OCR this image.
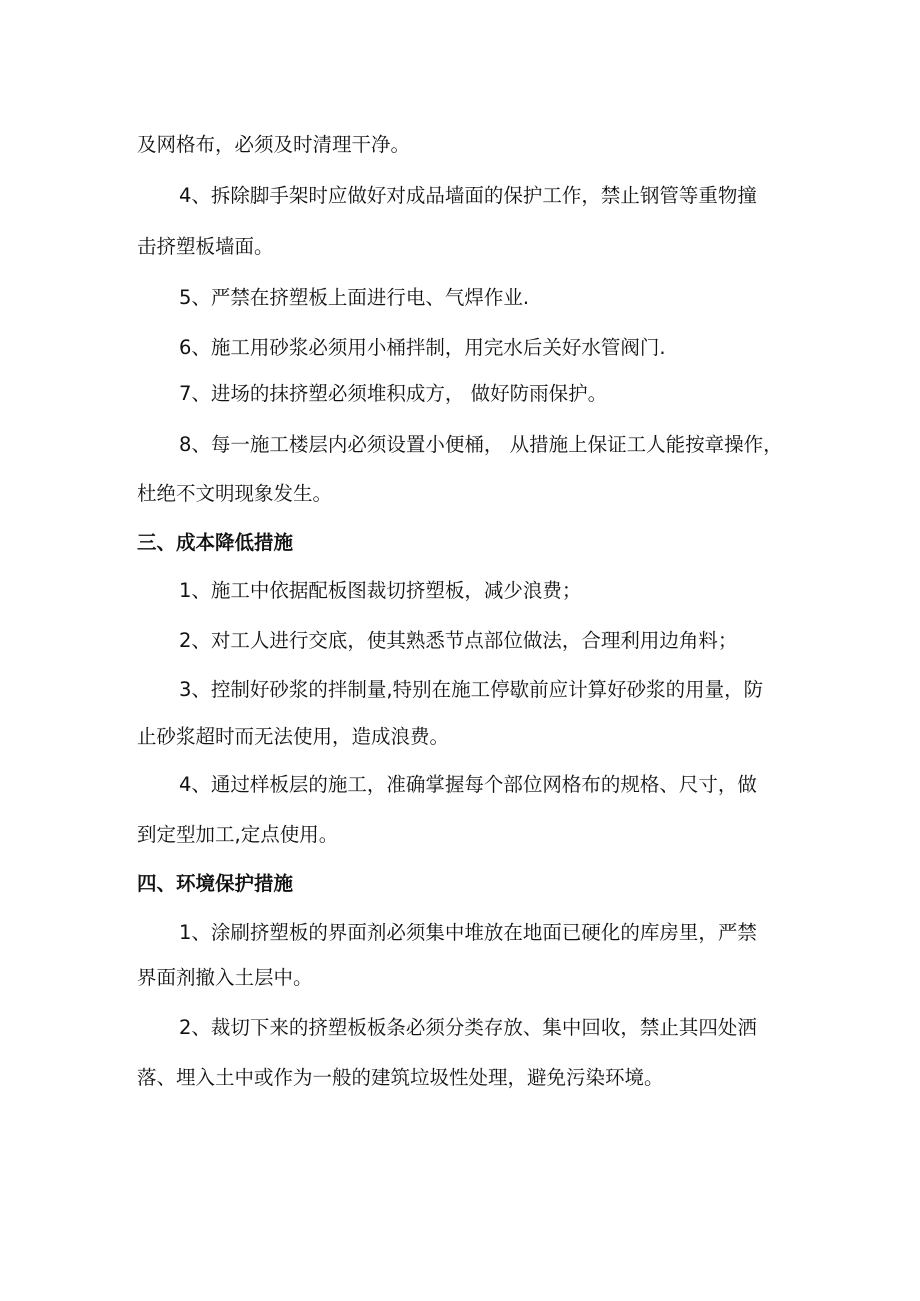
及网格布，必须及时清理干净。
4、拆除脚手架时应做好对成品墙面的保护工作，禁止钢管等重物撞
击挤塑板墙面。
5、严禁在挤塑板上面进行电、气焊作业.
6、施工用砂浆必须用小桶拌制，用完水后关好水管阀门.
7、进场的抹挤塑必须堆积成方， 做好防雨保护。
8、每一施工楼层内必须设置小便桶， 从措施上保证工人能按章操作，
杜绝不文明现象发生。
三、成本降低措施
1、施工中依据配板图裁切挤塑板，减少浪费；
2、对工人进行交底，使其熟悉节点部位做法，合理利用边角料；
3、控制好砂浆的拌制量,特别在施工停歇前应计算好砂浆的用量，防
止砂浆超时而无法使用，造成浪费。
4、通过样板层的施工，准确掌握每个部位网格布的规格、尺寸，做
到定型加工,定点使用。
四、环境保护措施
1、涂刷挤塑板的界面剂必须集中堆放在地面已硬化的库房里，严禁
界面剂撤入土层中。
2、裁切下来的挤塑板板条必须分类存放、集中回收，禁止其四处洒
落、埋入土中或作为一般的建筑垃圾性处理，避免污染环境。
